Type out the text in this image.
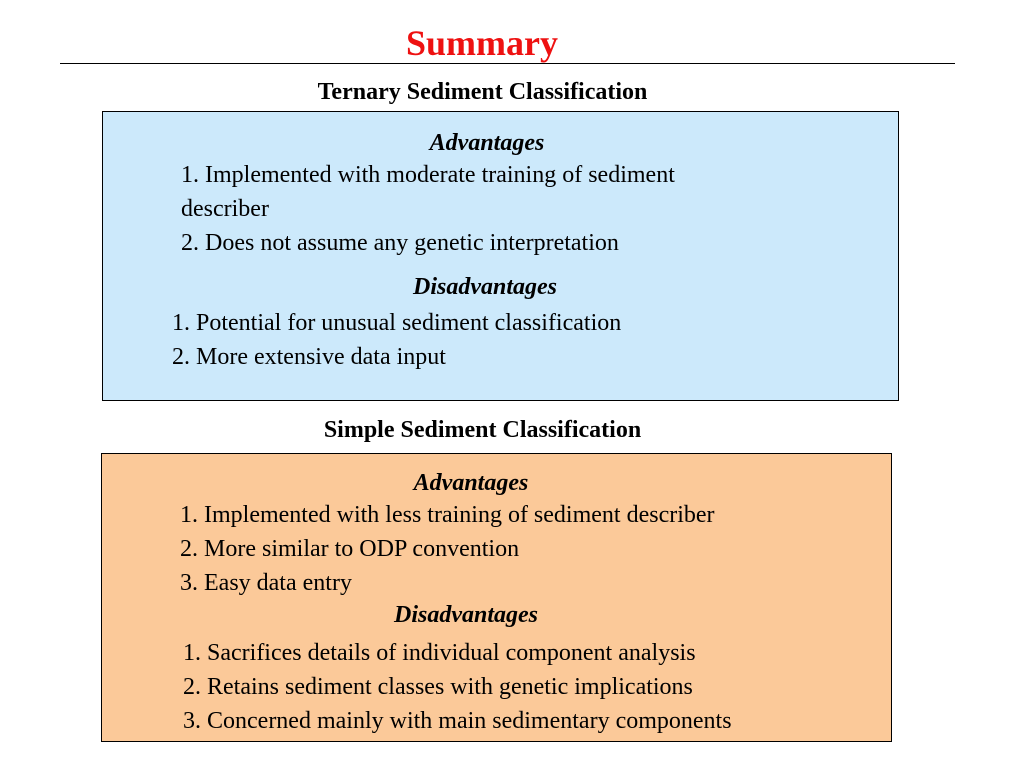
Summary
Ternary Sediment Classification
Advantages
1. Implemented with moderate training of sediment
describer
2. Does not assume any genetic interpretation
Disadvantages
1. Potential for unusual sediment classification
2. More extensive data input
Simple Sediment Classification
Advantages
1. Implemented with less training of sediment describer
2. More similar to ODP convention
3. Easy data entry
Disadvantages
1. Sacrifices details of individual component analysis
2. Retains sediment classes with genetic implications
3. Concerned mainly with main sedimentary components
